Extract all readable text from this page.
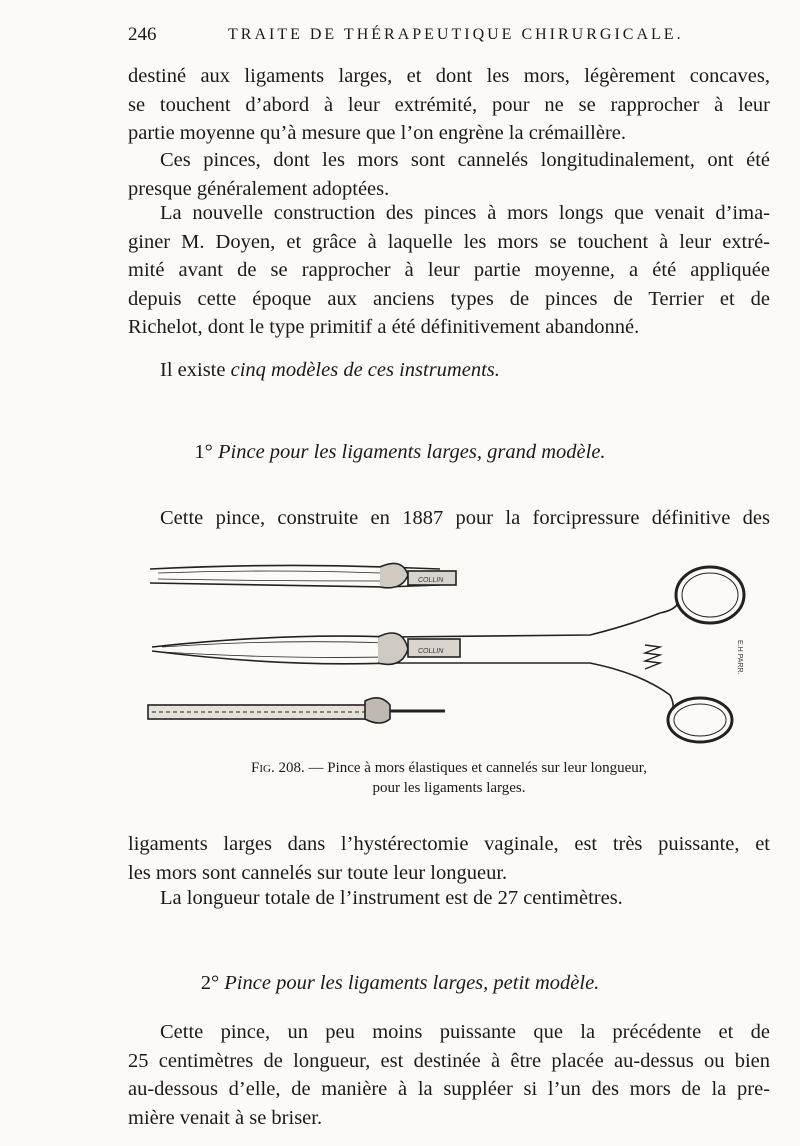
246	TRAITE DE THÉRAPEUTIQUE CHIRURGICALE.
destiné aux ligaments larges, et dont les mors, légèrement concaves,
se touchent d’abord à leur extrémité, pour ne se rapprocher à leur
partie moyenne qu’à mesure que l’on engrène la crémaillère.
Ces pinces, dont les mors sont cannelés longitudinalement, ont été
presque généralement adoptées.
La nouvelle construction des pinces à mors longs que venait d’ima-
giner M. Doyen, et grâce à laquelle les mors se touchent à leur extré-
mité avant de se rapprocher à leur partie moyenne, a été appliquée
depuis cette époque aux anciens types de pinces de Terrier et de
Richelot, dont le type primitif a été définitivement abandonné.
Il existe cinq modèles de ces instruments.
1° Pince pour les ligaments larges, grand modèle.
Cette pince, construite en 1887 pour la forcipressure définitive des
COLLIN
COLLIN	E.H PARR.
Fig. 208. — Pince à mors élastiques et cannelés sur leur longueur,
pour les ligaments larges.
ligaments larges dans l’hystérectomie vaginale, est très puissante, et
les mors sont cannelés sur toute leur longueur.
La longueur totale de l’instrument est de 27 centimètres.
2° Pince pour les ligaments larges, petit modèle.
Cette pince, un peu moins puissante que la précédente et de
25 centimètres de longueur, est destinée à être placée au-dessus ou bien
au-dessous d’elle, de manière à la suppléer si l’un des mors de la pre-
mière venait à se briser.
